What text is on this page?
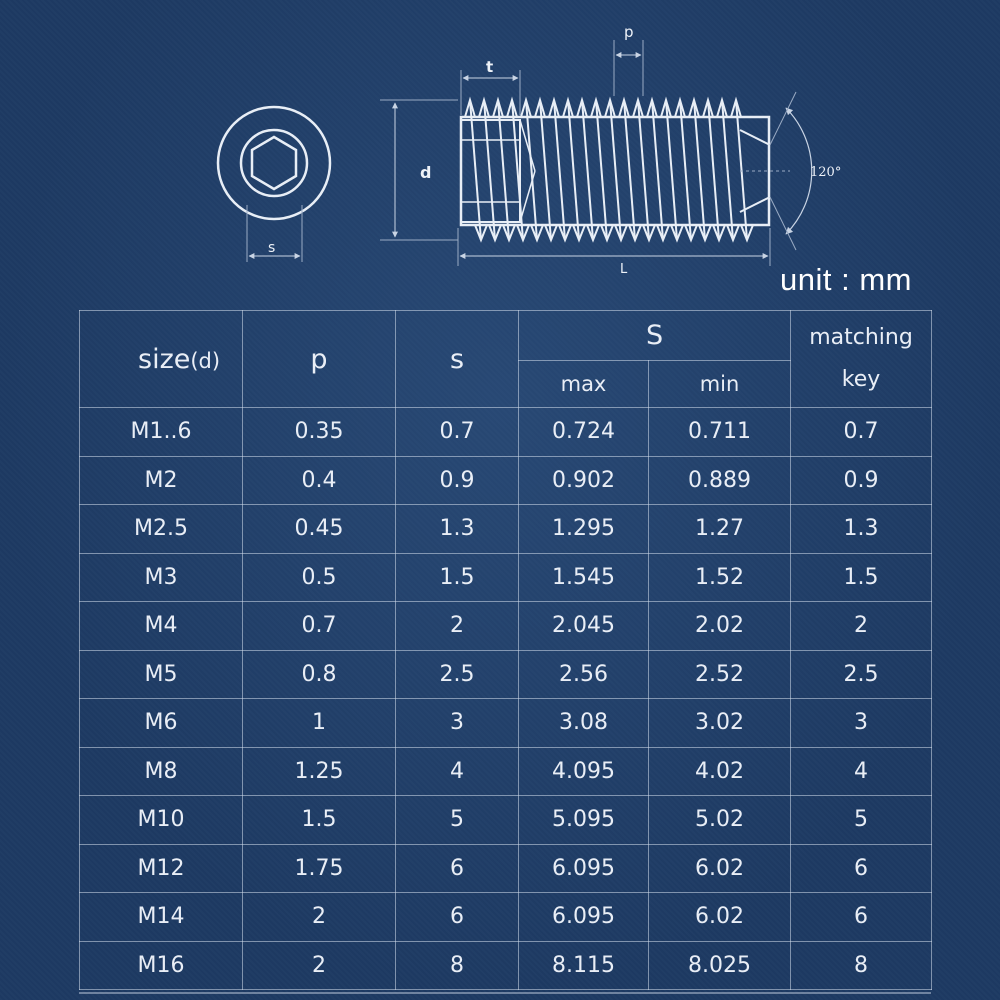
s
t
p
d
L
120°
unit : mm
size(d)	p	s	S		matching
key
			max	min	
M1..6	0.35	0.7	0.724	0.711	0.7
M2	0.4	0.9	0.902	0.889	0.9
M2.5	0.45	1.3	1.295	1.27	1.3
M3	0.5	1.5	1.545	1.52	1.5
M4	0.7	2	2.045	2.02	2
M5	0.8	2.5	2.56	2.52	2.5
M6	1	3	3.08	3.02	3
M8	1.25	4	4.095	4.02	4
M10	1.5	5	5.095	5.02	5
M12	1.75	6	6.095	6.02	6
M14	2	6	6.095	6.02	6
M16	2	8	8.115	8.025	8
